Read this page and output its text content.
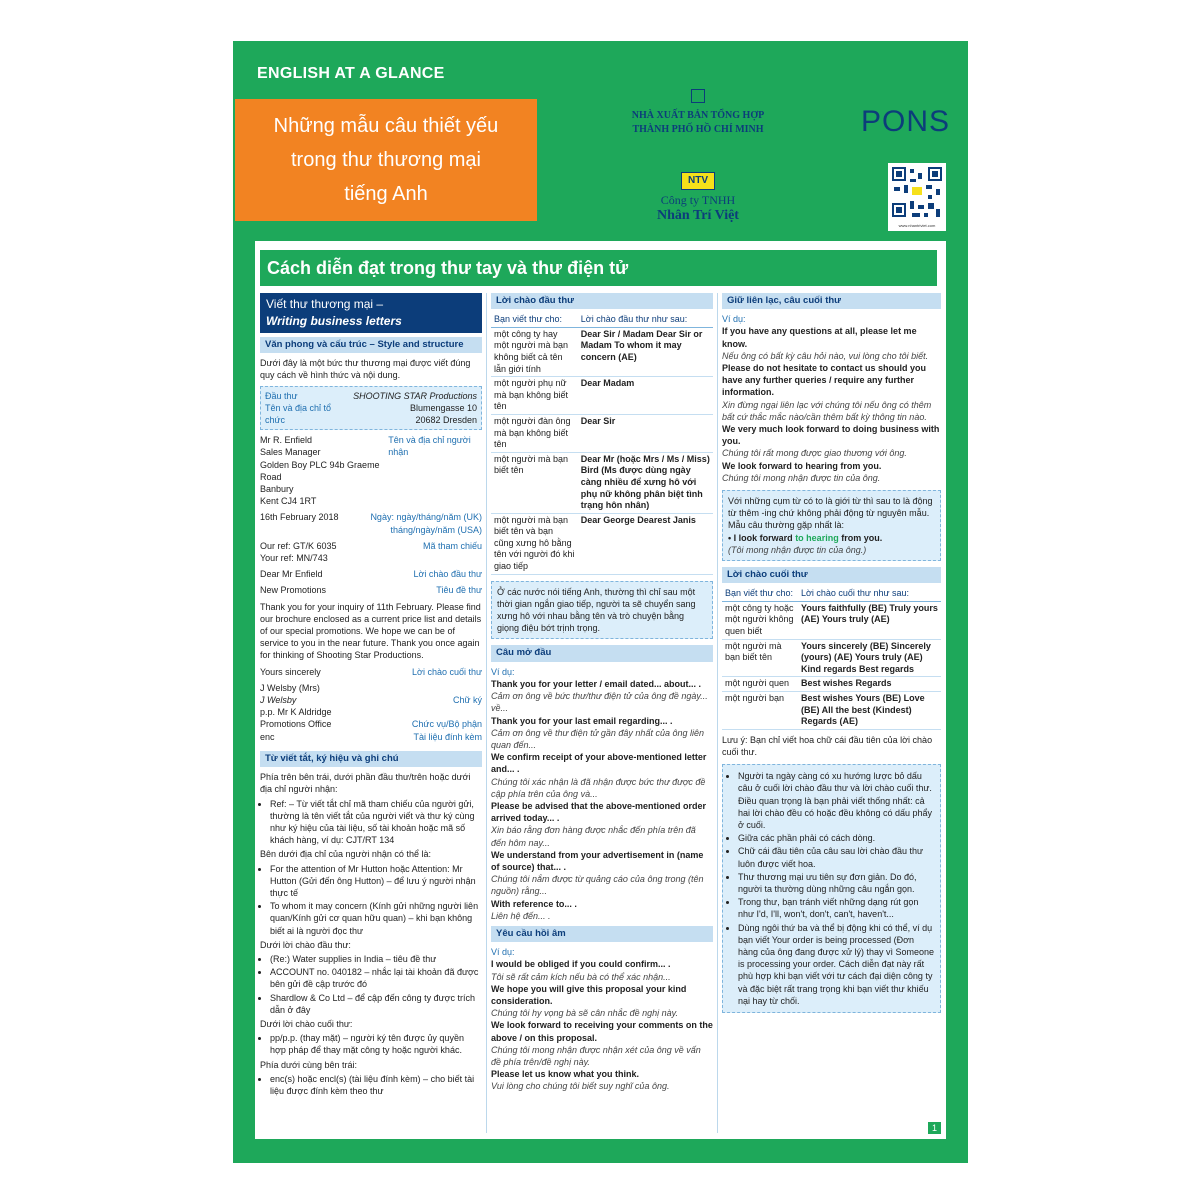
ENGLISH AT A GLANCE
Những mẫu câu thiết yếu
trong thư thương mại
tiếng Anh
NHÀ XUẤT BẢN TỔNG HỢP
THÀNH PHỐ HỒ CHÍ MINH
NTV
Công ty TNHH
Nhân Trí Việt
PONS
www.nhantriviet.com
Cách diễn đạt trong thư tay và thư điện tử
Viết thư thương mại –
Writing business letters
Văn phong và cấu trúc – Style and structure
Dưới đây là một bức thư thương mại được viết đúng quy cách về hình thức và nội dung.
Đầu thư	SHOOTING STAR Productions
Tên và địa chỉ tổ chức
Blumengasse 10
20682 Dresden
Mr R. Enfield
Sales Manager
Golden Boy PLC 94b Graeme Road
Banbury
Kent CJ4 1RT
Tên và địa chỉ người nhận
16th February 2018	Ngày: ngày/tháng/năm (UK)
tháng/ngày/năm (USA)
Our ref: GT/K 6035
Your ref: MN/743
Mã tham chiếu
Dear Mr Enfield	Lời chào đầu thư
New Promotions	Tiêu đề thư
Thank you for your inquiry of 11th February. Please find our brochure enclosed as a current price list and details of our special promotions. We hope we can be of service to you in the near future. Thank you once again for thinking of Shooting Star Productions.
Yours sincerely	Lời chào cuối thư
J Welsby (Mrs)
J Welsby	Chữ ký
p.p. Mr K Aldridge
Promotions Office	Chức vụ/Bộ phận
enc	Tài liệu đính kèm
Từ viết tắt, ký hiệu và ghi chú
Phía trên bên trái, dưới phần đầu thư/trên hoặc dưới địa chỉ người nhận:
• Ref: – Từ viết tắt chỉ mã tham chiếu của người gửi, thường là tên viết tắt của người viết và thư ký cùng như ký hiệu của tài liệu, số tài khoản hoặc mã số khách hàng, ví dụ: CJT/RT 134
Bên dưới địa chỉ của người nhận có thể là:
• For the attention of Mr Hutton hoặc Attention: Mr Hutton (Gửi đến ông Hutton) – để lưu ý người nhận thực tế
• To whom it may concern (Kính gửi những người liên quan/Kính gửi cơ quan hữu quan) – khi bạn không biết ai là người đọc thư
Dưới lời chào đầu thư:
• (Re:) Water supplies in India – tiêu đề thư
• ACCOUNT no. 040182 – nhắc lại tài khoản đã được bên gửi đề cập trước đó
• Shardlow & Co Ltd – để cập đến công ty được trích dẫn ở đây
Dưới lời chào cuối thư:
• pp/p.p. (thay mặt) – người ký tên được ủy quyền hợp pháp để thay mặt công ty hoặc người khác.
Phía dưới cùng bên trái:
• enc(s) hoặc encl(s) (tài liệu đính kèm) – cho biết tài liệu được đính kèm theo thư
Lời chào đầu thư
Bạn viết thư cho:	Lời chào đầu thư như sau:
một công ty hay một người mà bạn không biết cả tên lẫn giới tính	Dear Sir / Madam Dear Sir or Madam To whom it may concern (AE)
một người phụ nữ mà bạn không biết tên	Dear Madam
một người đàn ông mà bạn không biết tên	Dear Sir
một người mà bạn biết tên	Dear Mr (hoặc Mrs / Ms / Miss) Bird (Ms được dùng ngày càng nhiều để xưng hô với phụ nữ không phân biệt tình trạng hôn nhân)
một người mà bạn biết tên và bạn cũng xưng hô bằng tên với người đó khi giao tiếp	Dear George Dearest Janis
Ở các nước nói tiếng Anh, thường thì chỉ sau một thời gian ngắn giao tiếp, người ta sẽ chuyển sang xưng hô với nhau bằng tên và trò chuyện bằng giọng điệu bớt trịnh trọng.
Câu mở đầu
Ví dụ:
Thank you for your letter / email dated... about... .
Cảm ơn ông về bức thư/thư điện tử của ông đề ngày... về...
Thank you for your last email regarding... .
Cảm ơn ông về thư điện tử gần đây nhất của ông liên quan đến...
We confirm receipt of your above-mentioned letter and... .
Chúng tôi xác nhận là đã nhận được bức thư được đề cập phía trên của ông và...
Please be advised that the above-mentioned order arrived today... .
Xin báo rằng đơn hàng được nhắc đến phía trên đã đến hôm nay...
We understand from your advertisement in (name of source) that... .
Chúng tôi nắm được từ quảng cáo của ông trong (tên nguồn) rằng...
With reference to... .
Liên hệ đến... .
Yêu cầu hồi âm
Ví dụ:
I would be obliged if you could confirm... .
Tôi sẽ rất cảm kích nếu bà có thể xác nhận...
We hope you will give this proposal your kind consideration.
Chúng tôi hy vọng bà sẽ cân nhắc đề nghị này.
We look forward to receiving your comments on the above / on this proposal.
Chúng tôi mong nhận được nhận xét của ông về vấn đề phía trên/đề nghị này.
Please let us know what you think.
Vui lòng cho chúng tôi biết suy nghĩ của ông.
Giữ liên lạc, câu cuối thư
Ví dụ:
If you have any questions at all, please let me know.
Nếu ông có bất kỳ câu hỏi nào, vui lòng cho tôi biết.
Please do not hesitate to contact us should you have any further queries / require any further information.
Xin đừng ngại liên lạc với chúng tôi nếu ông có thêm bất cứ thắc mắc nào/cần thêm bất kỳ thông tin nào.
We very much look forward to doing business with you.
Chúng tôi rất mong được giao thương với ông.
We look forward to hearing from you.
Chúng tôi mong nhận được tin của ông.
Với những cụm từ có to là giới từ thì sau to là động từ thêm -ing chứ không phải động từ nguyên mẫu.
Mẫu câu thường gặp nhất là:
• I look forward to hearing from you.
(Tôi mong nhận được tin của ông.)
Lời chào cuối thư
Bạn viết thư cho:	Lời chào cuối thư như sau:
một công ty hoặc một người không quen biết	Yours faithfully (BE) Truly yours (AE) Yours truly (AE)
một người mà bạn biết tên	Yours sincerely (BE) Sincerely (yours) (AE) Yours truly (AE) Kind regards Best regards
một người quen	Best wishes Regards
một người bạn	Best wishes Yours (BE) Love (BE) All the best (Kindest) Regards (AE)
Lưu ý: Bạn chỉ viết hoa chữ cái đầu tiên của lời chào cuối thư.
• Người ta ngày càng có xu hướng lược bỏ dấu câu ở cuối lời chào đầu thư và lời chào cuối thư. Điều quan trọng là bạn phải viết thống nhất: cả hai lời chào đều có hoặc đều không có dấu phẩy ở cuối.
• Giữa các phần phải có cách dòng.
• Chữ cái đầu tiên của câu sau lời chào đầu thư luôn được viết hoa.
• Thư thương mại ưu tiên sự đơn giản. Do đó, người ta thường dùng những câu ngắn gọn.
• Trong thư, bạn tránh viết những dạng rút gọn như I'd, I'll, won't, don't, can't, haven't...
• Dùng ngôi thứ ba và thể bị động khi có thể, ví dụ bạn viết Your order is being processed (Đơn hàng của ông đang được xử lý) thay vì Someone is processing your order. Cách diễn đạt này rất phù hợp khi bạn viết với tư cách đại diện công ty và đặc biệt rất trang trọng khi bạn viết thư khiếu nại hay từ chối.
1
